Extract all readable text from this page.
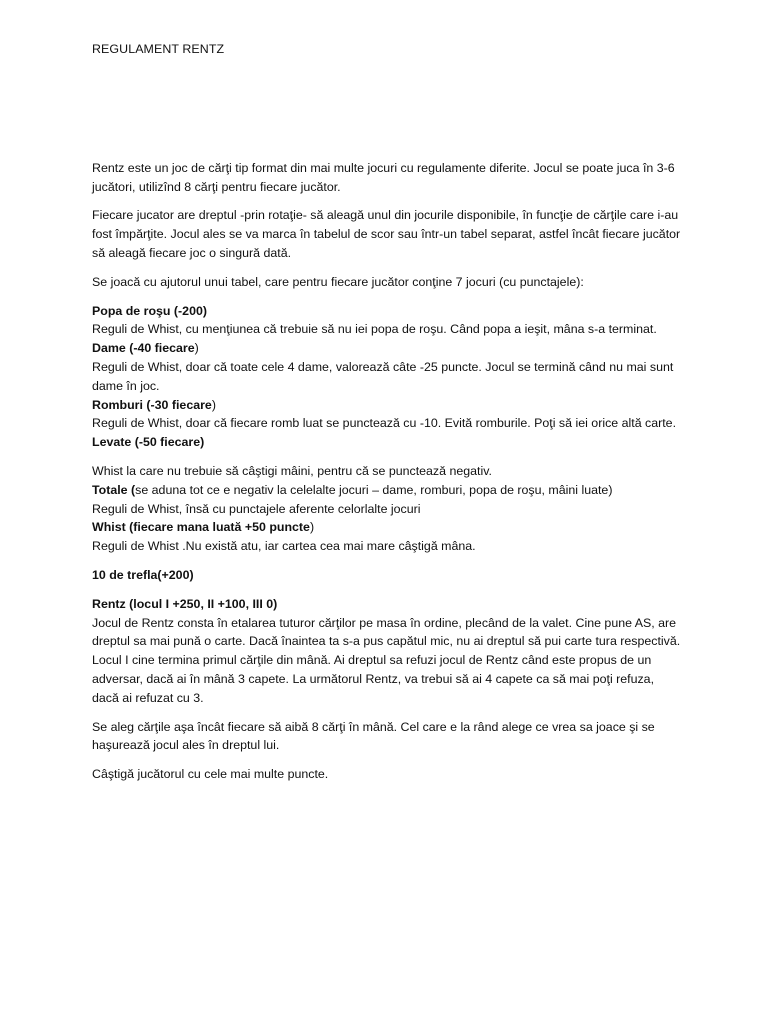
REGULAMENT RENTZ

Rentz este un joc de cărţi tip format din mai multe jocuri cu regulamente diferite. Jocul se poate juca în 3-6 jucători, utilizînd 8 cărţi pentru fiecare jucător.

Fiecare jucator are dreptul -prin rotaţie- să aleagă unul din jocurile disponibile, în funcţie de cărţile care i-au fost împărţite. Jocul ales se va marca în tabelul de scor sau într-un tabel separat, astfel încât fiecare jucător să aleagă fiecare joc o singură dată.

Se joacă cu ajutorul unui tabel, care pentru fiecare jucător conţine 7 jocuri (cu punctajele):

Popa de roşu (-200)
Reguli de Whist, cu menţiunea că trebuie să nu iei popa de roşu. Când popa a ieşit, mâna s-a terminat.
Dame (-40 fiecare)
Reguli de Whist, doar că toate cele 4 dame, valorează câte -25 puncte. Jocul se termină când nu mai sunt dame în joc.
Romburi (-30 fiecare)
Reguli de Whist, doar că fiecare romb luat se punctează cu -10. Evită romburile. Poţi să iei orice altă carte.
Levate (-50 fiecare)
Whist la care nu trebuie să câştigi mâini, pentru că se punctează negativ.
Totale (se aduna tot ce e negativ la celelalte jocuri – dame, romburi, popa de roşu, mâini luate)
Reguli de Whist, însă cu punctajele aferente celorlalte jocuri
Whist (fiecare mana luată +50 puncte)
Reguli de Whist .Nu există atu, iar cartea cea mai mare câştigă mâna.

10 de trefla(+200)

Rentz (locul I +250, II +100, III 0)
Jocul de Rentz consta în etalarea tuturor cărţilor pe masa în ordine, plecând de la valet. Cine pune AS, are dreptul sa mai pună o carte. Dacă înaintea ta s-a pus capătul mic, nu ai dreptul să pui carte tura respectivă. Locul I cine termina primul cărţile din mână. Ai dreptul sa refuzi jocul de Rentz când este propus de un adversar, dacă ai în mână 3 capete. La următorul Rentz, va trebui să ai 4 capete ca să mai poţi refuza, dacă ai refuzat cu 3.

Se aleg cărţile aşa încât fiecare să aibă 8 cărţi în mână. Cel care e la rând alege ce vrea sa joace şi se haşurează jocul ales în dreptul lui.

Câştigă jucătorul cu cele mai multe puncte.
